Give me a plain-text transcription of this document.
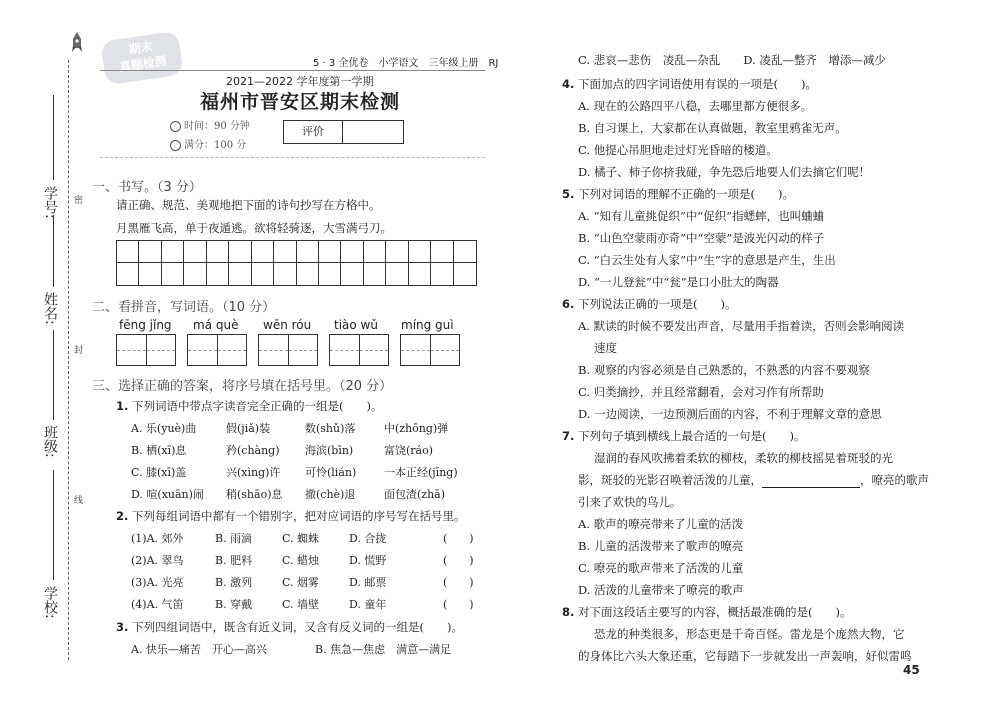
学号:
姓名:
班级:
学校:
密
封
线
期末
真题检测	5 · 3 全优卷　小学语文　三年级上册　RJ
2021—2022 学年度第一学期
福州市晋安区期末检测
时间：90 分钟
满分：100 分
评价
一、书写。（3 分）
请正确、规范、美观地把下面的诗句抄写在方格中。
月黑雁飞高，单于夜遁逃。欲将轻骑逐，大雪满弓刀。
二、看拼音，写词语。（10 分）
fēng jǐng má què wēn róu tiào wǔ míng guì
三、选择正确的答案，将序号填在括号里。（20 分）
1. 下列词语中带点字读音完全正确的一组是(　　)。
A. 乐(yuè)曲	假(jiǎ)装	数(shǔ)落	中(zhōng)弹
B. 栖(xī)息	矜(chàng) 海滨(bīn)	富饶(ráo)
C. 膝(xī)盖	兴(xìng)许 可怜(lián)	一本正经(jīng)
D. 喧(xuān)闹 稍(shāo)息 撤(chè)退	面包渣(zhā)
2. 下列每组词语中都有一个错别字，把对应词语的序号写在括号里。
(1)A. 郊外	B. 雨滴	C. 蜘蛛	D. 合拢	(　　)
(2)A. 翠鸟	B. 肥料	C. 蜡烛	D. 慌野	(　　)
(3)A. 光亮	B. 激列	C. 烟雾	D. 邮票	(　　)
(4)A. 气笛	B. 穿戴	C. 墙壁	D. 童年	(　　)
3. 下列四组词语中，既含有近义词，又含有反义词的一组是(　　)。
A. 快乐—痛苦　开心—高兴	B. 焦急—焦虑　满意—满足
C. 悲哀—悲伤　凌乱—杂乱　　D. 凌乱—整齐　增添—减少
4. 下面加点的四字词语使用有误的一项是(　　)。
A. 现在的公路四平八稳，去哪里都方便很多。
B. 自习课上，大家都在认真做题，教室里鸦雀无声。
C. 他提心吊胆地走过灯光昏暗的楼道。
D. 橘子、柿子你挤我碰，争先恐后地要人们去摘它们呢！
5. 下列对词语的理解不正确的一项是(　　)。
A. “知有儿童挑促织”中“促织”指蟋蟀，也叫蛐蛐
B. “山色空蒙雨亦奇”中“空蒙”是波光闪动的样子
C. “白云生处有人家”中“生”字的意思是产生，生出
D. “一儿登瓮”中“瓮”是口小肚大的陶器
6. 下列说法正确的一项是(　　)。
A. 默读的时候不要发出声音，尽量用手指着读，否则会影响阅读
速度
B. 观察的内容必须是自己熟悉的，不熟悉的内容不要观察
C. 归类摘抄，并且经常翻看，会对习作有所帮助
D. 一边阅读，一边预测后面的内容，不利于理解文章的意思
7. 下列句子填到横线上最合适的一句是(　　)。
湿润的春风吹拂着柔软的柳枝，柔软的柳枝摇晃着斑驳的光
影，斑驳的光影召唤着活泼的儿童，	，嘹亮的歌声
引来了欢快的鸟儿。
A. 歌声的嘹亮带来了儿童的活泼
B. 儿童的活泼带来了歌声的嘹亮
C. 嘹亮的歌声带来了活泼的儿童
D. 活泼的儿童带来了嘹亮的歌声
8. 对下面这段话主要写的内容，概括最准确的是(　　)。
恐龙的种类很多，形态更是千奇百怪。雷龙是个庞然大物，它
的身体比六头大象还重，它每踏下一步就发出一声轰响，好似雷鸣
45
